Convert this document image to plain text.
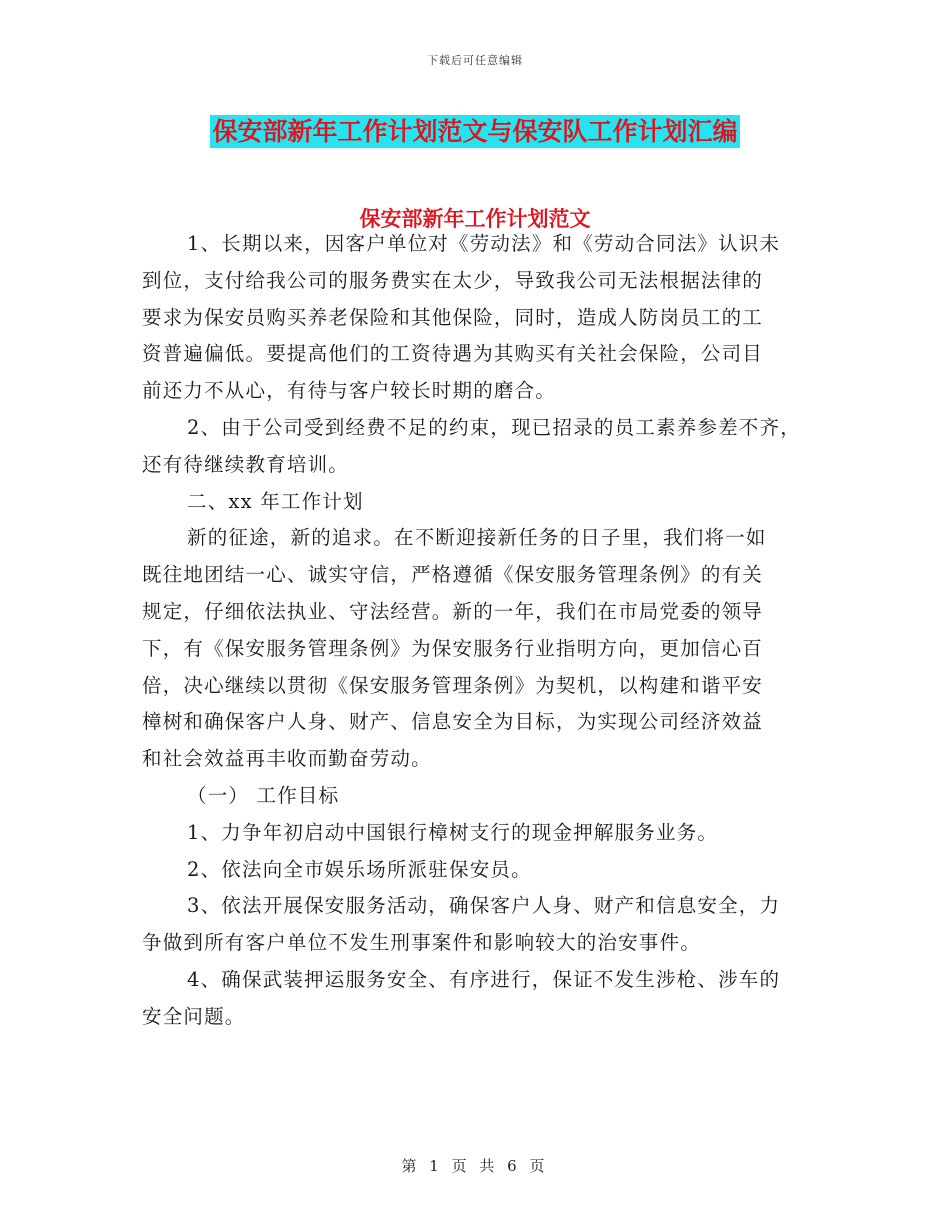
下载后可任意编辑
保安部新年工作计划范文与保安队工作计划汇编
保安部新年工作计划范文
1、长期以来，因客户单位对《劳动法》和《劳动合同法》认识未
到位，支付给我公司的服务费实在太少，导致我公司无法根据法律的
要求为保安员购买养老保险和其他保险，同时，造成人防岗员工的工
资普遍偏低。要提高他们的工资待遇为其购买有关社会保险，公司目
前还力不从心，有待与客户较长时期的磨合。
2、由于公司受到经费不足的约束，现已招录的员工素养参差不齐，
还有待继续教育培训。
二、xx 年工作计划
新的征途，新的追求。在不断迎接新任务的日子里，我们将一如
既往地团结一心、诚实守信，严格遵循《保安服务管理条例》的有关
规定，仔细依法执业、守法经营。新的一年，我们在市局党委的领导
下，有《保安服务管理条例》为保安服务行业指明方向，更加信心百
倍，决心继续以贯彻《保安服务管理条例》为契机，以构建和谐平安
樟树和确保客户人身、财产、信息安全为目标，为实现公司经济效益
和社会效益再丰收而勤奋劳动。
（一） 工作目标
1、力争年初启动中国银行樟树支行的现金押解服务业务。
2、依法向全市娱乐场所派驻保安员。
3、依法开展保安服务活动，确保客户人身、财产和信息安全，力
争做到所有客户单位不发生刑事案件和影响较大的治安事件。
4、确保武装押运服务安全、有序进行，保证不发生涉枪、涉车的
安全问题。
第 1 页 共 6 页
